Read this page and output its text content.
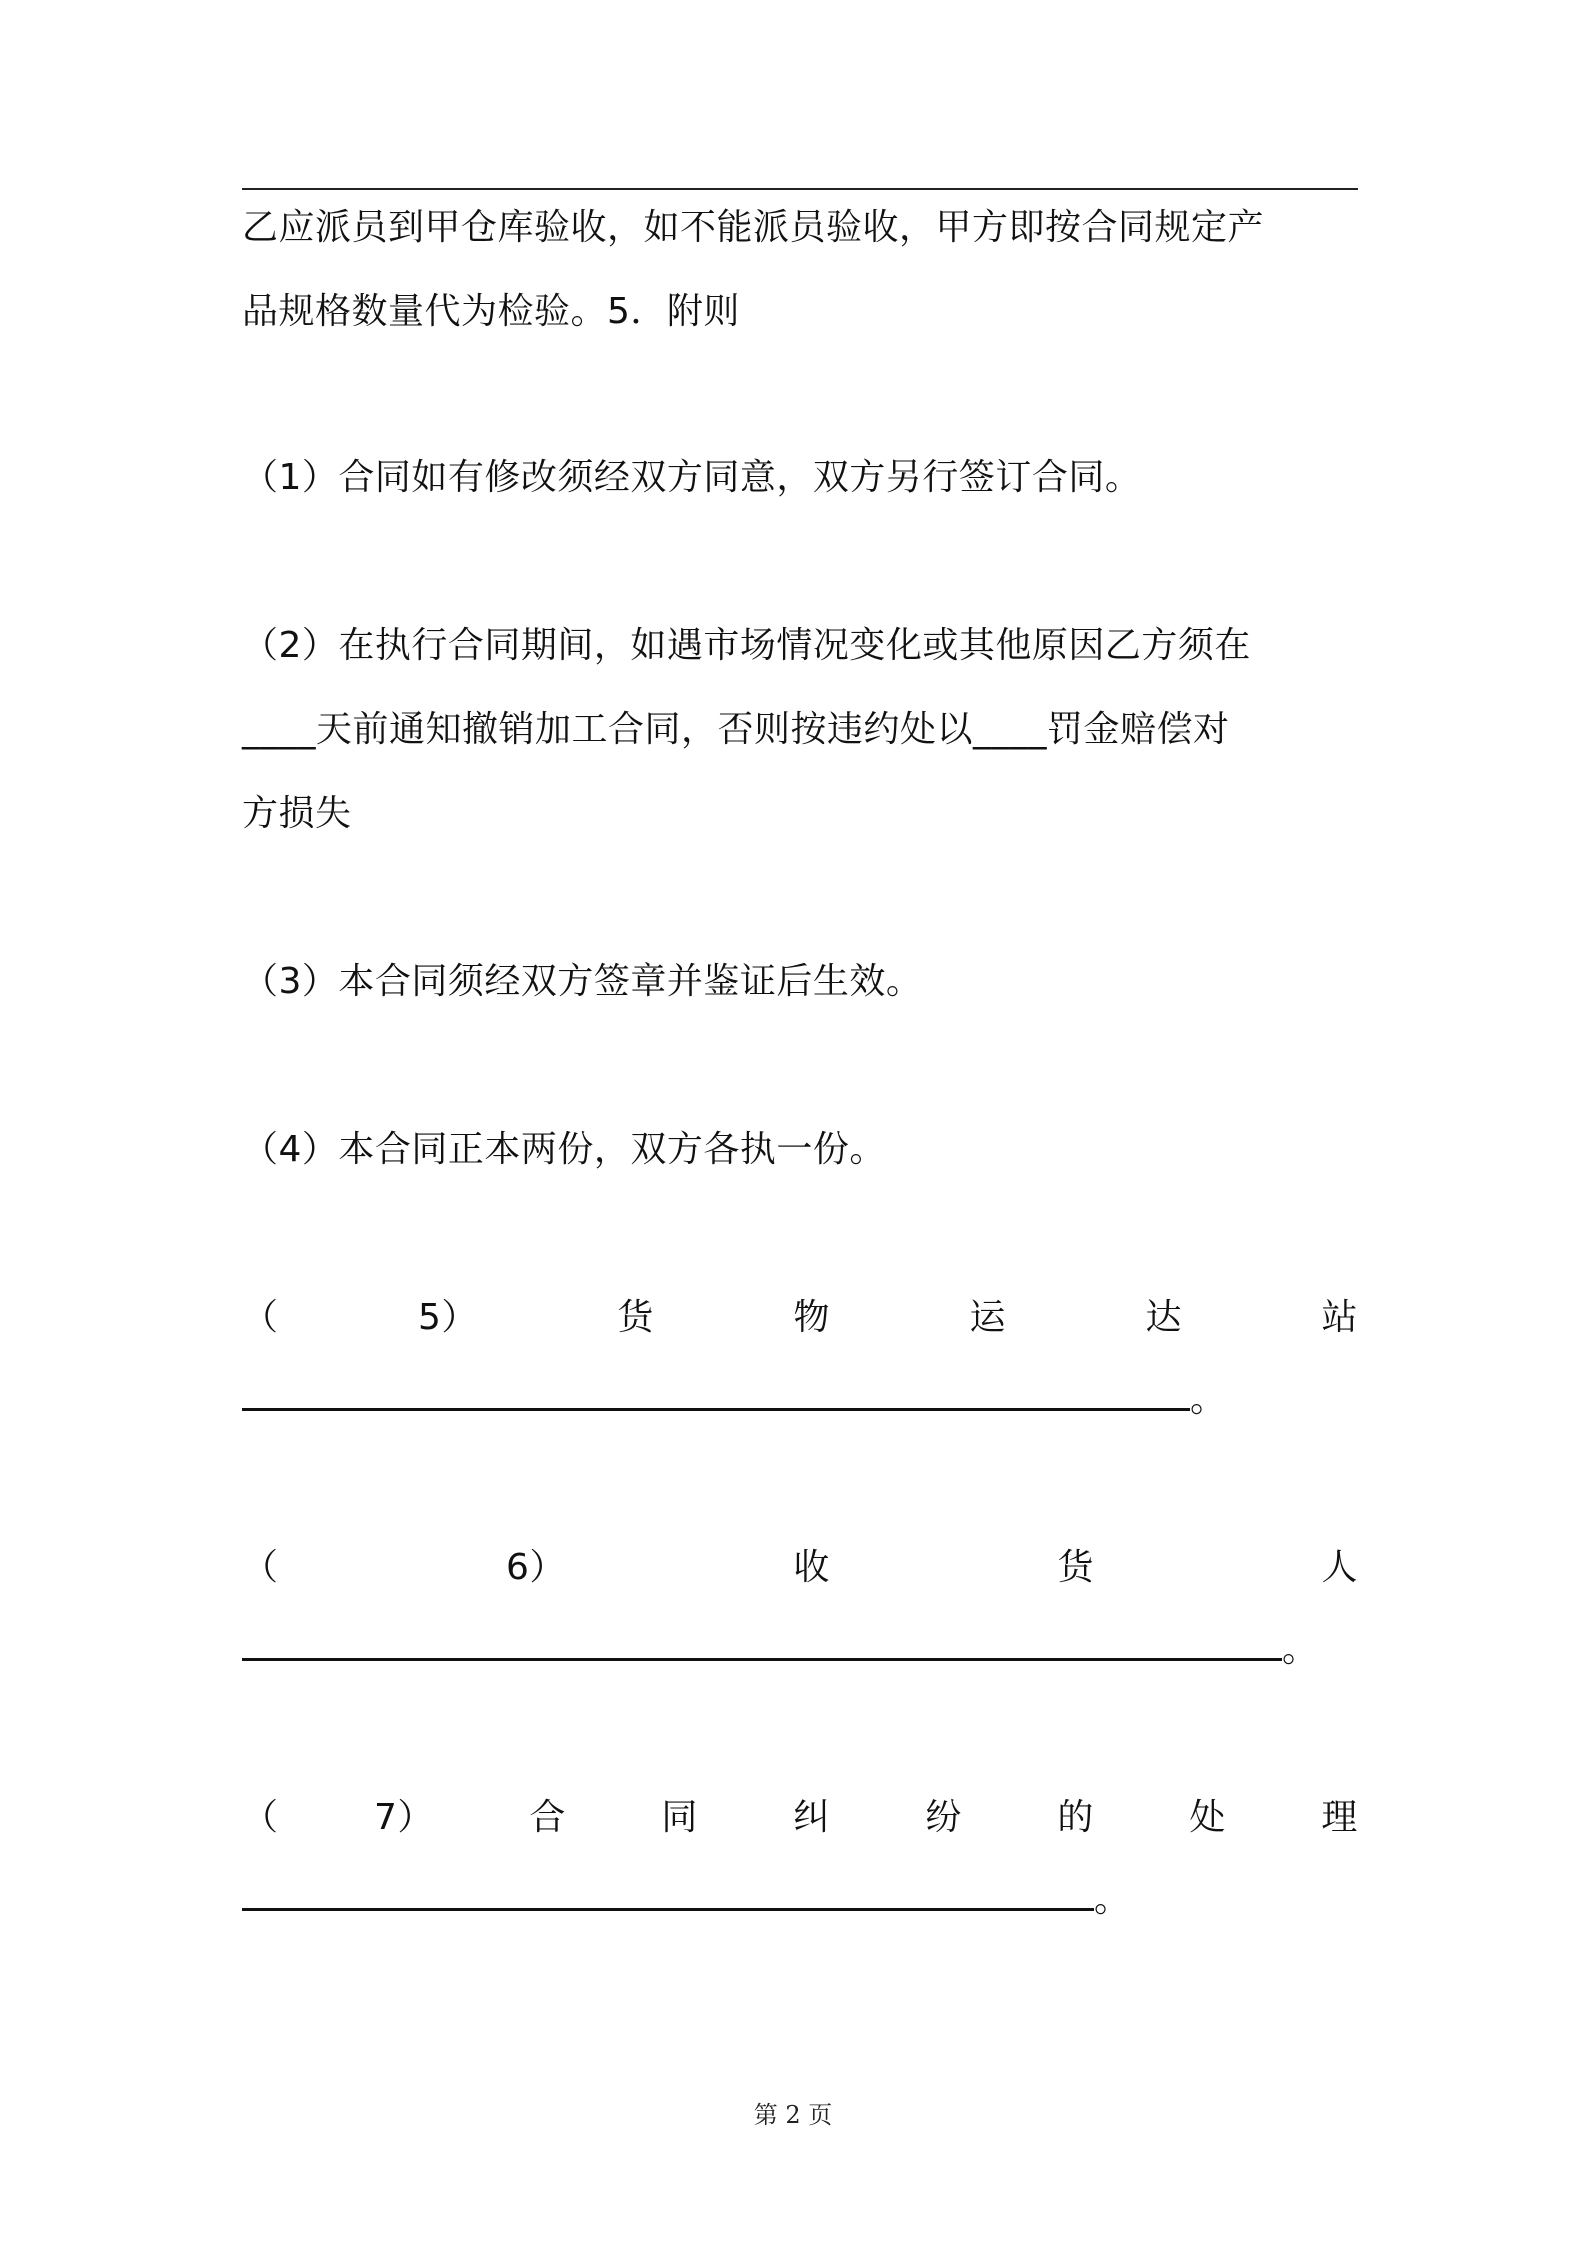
乙应派员到甲仓库验收，如不能派员验收，甲方即按合同规定产
品规格数量代为检验。5．附则
（1）合同如有修改须经双方同意，双方另行签订合同。
（2）在执行合同期间，如遇市场情况变化或其他原因乙方须在
____天前通知撤销加工合同，否则按违约处以____罚金赔偿对
方损失
（3）本合同须经双方签章并鉴证后生效。
（4）本合同正本两份，双方各执一份。
（	5）	货	物	运	达	站
。
（	6）	收	货	人
。
（	7）	合	同	纠	纷	的	处	理
。
第 2 页
